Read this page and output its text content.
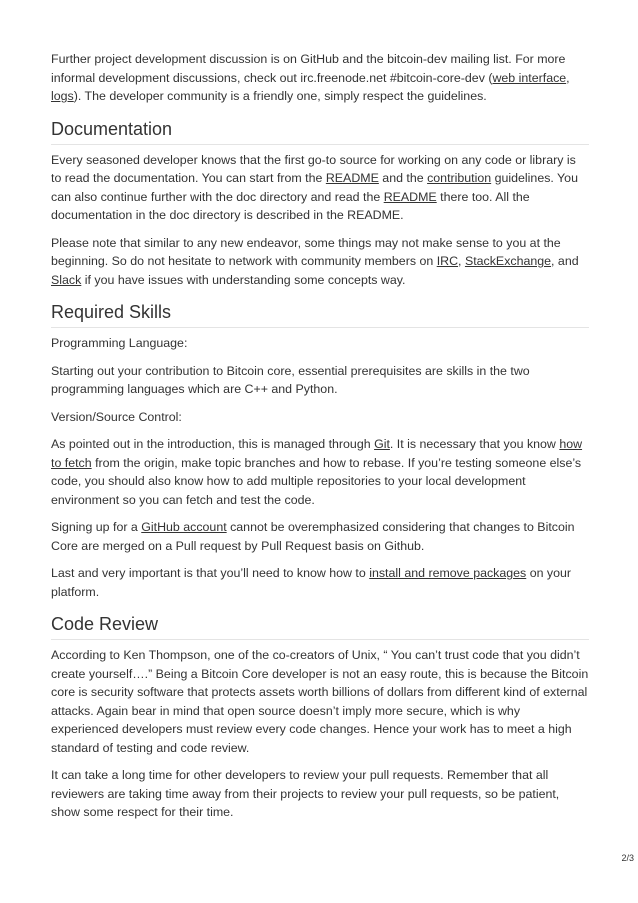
Further project development discussion is on GitHub and the bitcoin-dev mailing list. For more informal development discussions, check out irc.freenode.net #bitcoin-core-dev (web interface, logs). The developer community is a friendly one, simply respect the guidelines.

Documentation

Every seasoned developer knows that the first go-to source for working on any code or library is to read the documentation. You can start from the README and the contribution guidelines. You can also continue further with the doc directory and read the README there too. All the documentation in the doc directory is described in the README.

Please note that similar to any new endeavor, some things may not make sense to you at the beginning. So do not hesitate to network with community members on IRC, StackExchange, and Slack if you have issues with understanding some concepts way.

Required Skills

Programming Language:

Starting out your contribution to Bitcoin core, essential prerequisites are skills in the two programming languages which are C++ and Python.

Version/Source Control:

As pointed out in the introduction, this is managed through Git. It is necessary that you know how to fetch from the origin, make topic branches and how to rebase. If you’re testing someone else’s code, you should also know how to add multiple repositories to your local development environment so you can fetch and test the code.

Signing up for a GitHub account cannot be overemphasized considering that changes to Bitcoin Core are merged on a Pull request by Pull Request basis on Github.

Last and very important is that you’ll need to know how to install and remove packages on your platform.

Code Review

According to Ken Thompson, one of the co-creators of Unix, “ You can’t trust code that you didn’t create yourself….” Being a Bitcoin Core developer is not an easy route, this is because the Bitcoin core is security software that protects assets worth billions of dollars from different kind of external attacks. Again bear in mind that open source doesn’t imply more secure, which is why experienced developers must review every code changes. Hence your work has to meet a high standard of testing and code review.

It can take a long time for other developers to review your pull requests. Remember that all reviewers are taking time away from their projects to review your pull requests, so be patient, show some respect for their time.

2/3
